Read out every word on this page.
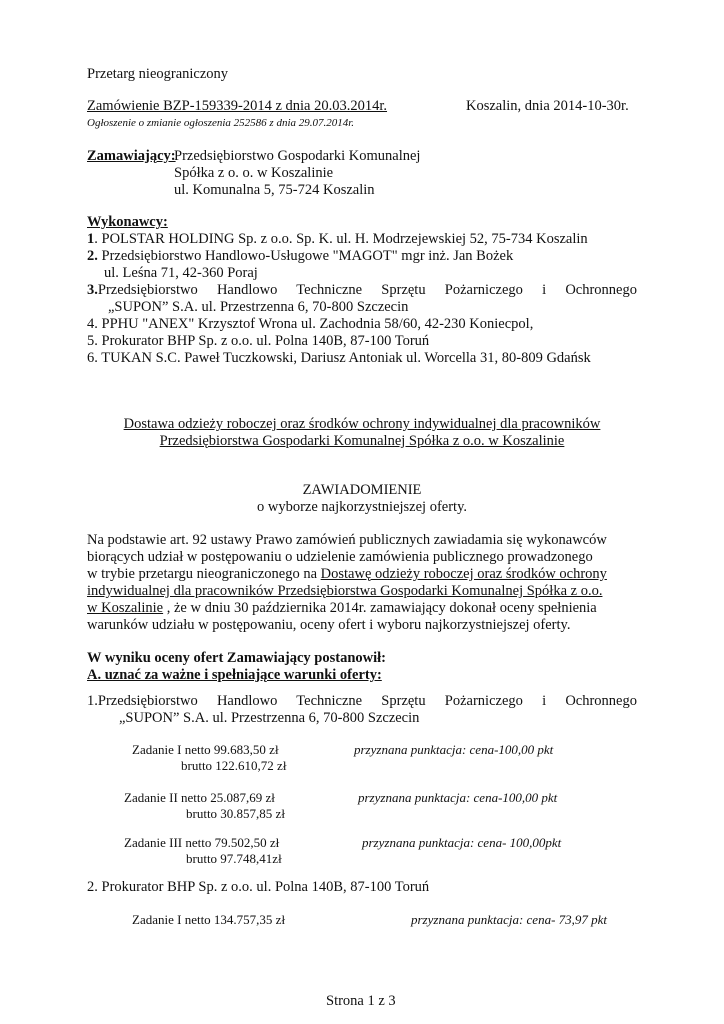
Przetarg nieograniczony
Zamówienie BZP-159339-2014 z dnia 20.03.2014r.	Koszalin, dnia 2014-10-30r.
Ogłoszenie o zmianie ogłoszenia 252586 z dnia 29.07.2014r.
Zamawiający:
Przedsiębiorstwo Gospodarki Komunalnej
Spółka z o. o. w Koszalinie
ul. Komunalna 5, 75-724 Koszalin
Wykonawcy:
1. POLSTAR HOLDING Sp. z o.o. Sp. K. ul. H. Modrzejewskiej 52, 75-734 Koszalin
2. Przedsiębiorstwo Handlowo-Usługowe "MAGOT" mgr inż. Jan Bożek
ul. Leśna 71, 42-360 Poraj
3. Przedsiębiorstwo Handlowo Techniczne Sprzętu Pożarniczego i Ochronnego
„SUPON” S.A. ul. Przestrzenna 6, 70-800 Szczecin
4. PPHU "ANEX" Krzysztof Wrona ul. Zachodnia 58/60, 42-230 Koniecpol,
5. Prokurator BHP Sp. z o.o. ul. Polna 140B, 87-100 Toruń
6. TUKAN S.C. Paweł Tuczkowski, Dariusz Antoniak ul. Worcella 31, 80-809 Gdańsk
Dostawa odzieży roboczej oraz środków ochrony indywidualnej dla pracowników
Przedsiębiorstwa Gospodarki Komunalnej Spółka z o.o. w Koszalinie
ZAWIADOMIENIE
o wyborze najkorzystniejszej oferty.
Na podstawie art. 92 ustawy Prawo zamówień publicznych zawiadamia się wykonawców
biorących udział w postępowaniu o udzielenie zamówienia publicznego prowadzonego
w trybie przetargu nieograniczonego na Dostawę odzieży roboczej oraz środków ochrony
indywidualnej dla pracowników Przedsiębiorstwa Gospodarki Komunalnej Spółka z o.o.
w Koszalinie , że w dniu 30 października 2014r. zamawiający dokonał oceny spełnienia
warunków udziału w postępowaniu, oceny ofert i wyboru najkorzystniejszej oferty.
W wyniku oceny ofert Zamawiający postanowił:
A. uznać za ważne i spełniające warunki oferty:
1.Przedsiębiorstwo Handlowo Techniczne Sprzętu Pożarniczego i Ochronnego
„SUPON” S.A. ul. Przestrzenna 6, 70-800 Szczecin
Zadanie I netto 99.683,50 zł
brutto 122.610,72 zł
przyznana punktacja: cena-100,00 pkt
Zadanie II netto 25.087,69 zł
brutto 30.857,85 zł
przyznana punktacja: cena-100,00 pkt
Zadanie III netto 79.502,50 zł
brutto 97.748,41zł
przyznana punktacja: cena- 100,00pkt
2. Prokurator BHP Sp. z o.o. ul. Polna 140B, 87-100 Toruń
Zadanie I netto 134.757,35 zł	przyznana punktacja: cena- 73,97 pkt
Strona 1 z 3
